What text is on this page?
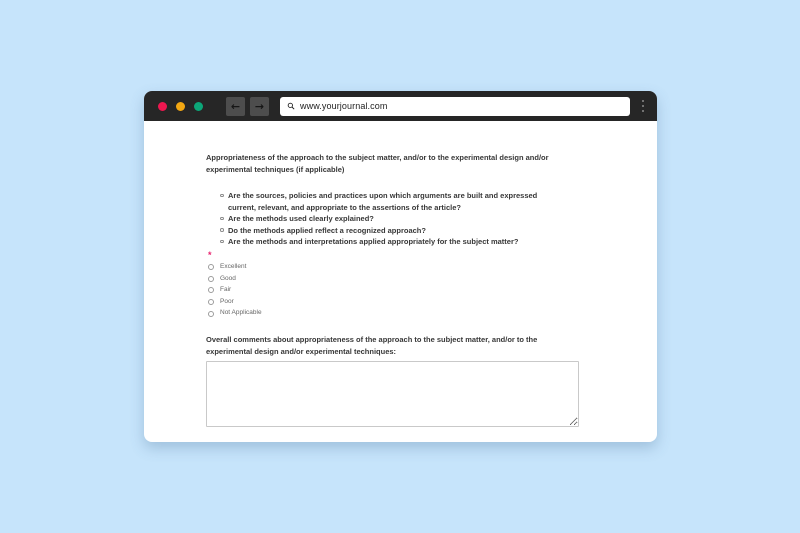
← →	www.yourjournal.com
Appropriateness of the approach to the subject matter, and/or to the experimental design and/or experimental techniques (if applicable)
Are the sources, policies and practices upon which arguments are built and expressed current, relevant, and appropriate to the assertions of the article?
Are the methods used clearly explained?
Do the methods applied reflect a recognized approach?
Are the methods and interpretations applied appropriately for the subject matter?
*
Excellent
Good
Fair
Poor
Not Applicable
Overall comments about appropriateness of the approach to the subject matter, and/or to the experimental design and/or experimental techniques:
